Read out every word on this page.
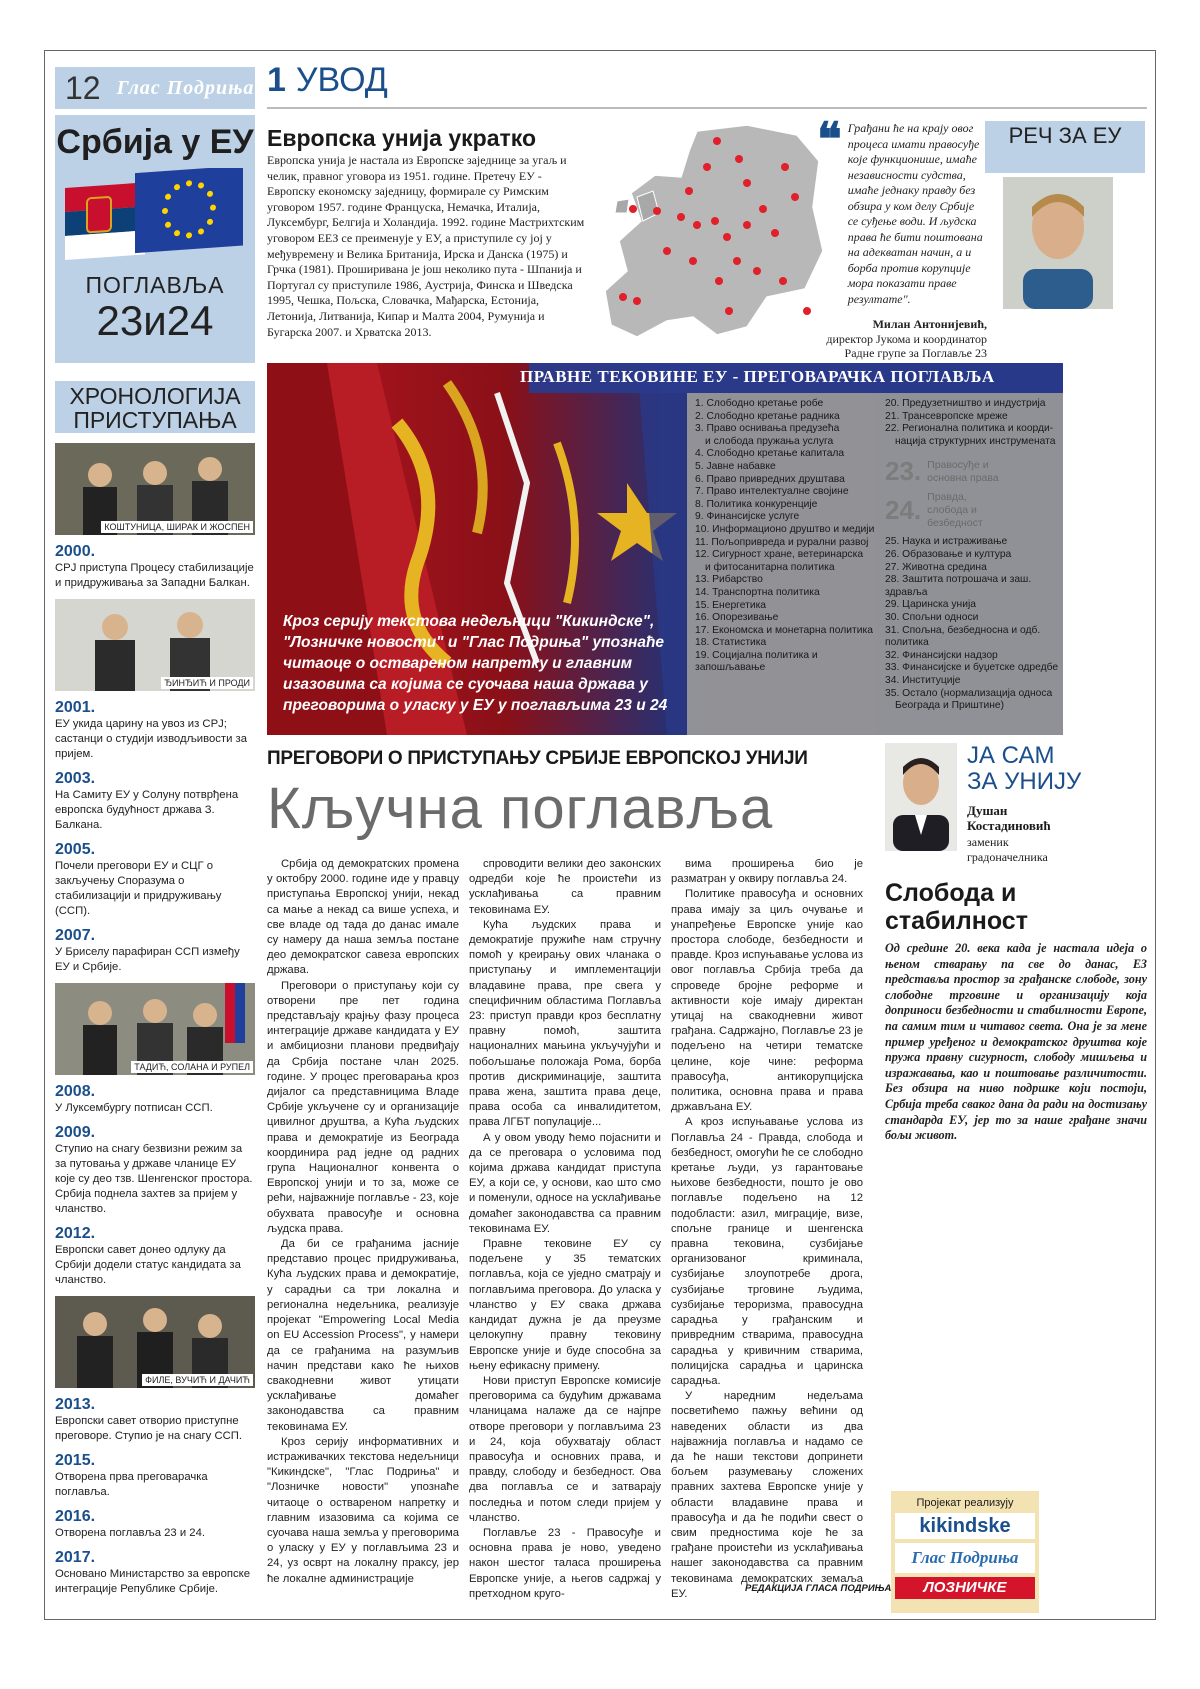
12 Глас Подриња
Србија у ЕУ
ПОГЛАВЉА
23и24
ХРОНОЛОГИЈА ПРИСТУПАЊА
КОШТУНИЦА, ШИРАК И ЖОСПЕН
2000.
СРЈ приступа Процесу стабилизације и придруживања за Западни Балкан.
ЂИНЂИЋ И ПРОДИ
2001.
ЕУ укида царину на увоз из СРЈ; састанци о студији изводљивости за пријем.
2003.
На Самиту ЕУ у Солуну потврђена европска будућност држава З. Балкана.
2005.
Почели преговори ЕУ и СЦГ о закључењу Споразума о стабилизацији и придруживању (ССП).
2007.
У Бриселу парафиран ССП између ЕУ и Србије.
ТАДИЋ, СОЛАНА И РУПЕЛ
2008.
У Луксембургу потписан ССП.
2009.
Ступио на снагу безвизни режим за за путовања у државе чланице ЕУ које су део тзв. Шенгенског простора. Србија поднела захтев за пријем у чланство.
2012.
Европски савет донео одлуку да Србији додели статус кандидата за чланство.
ФИЛЕ, ВУЧИЋ И ДАЧИЋ
2013.
Европски савет отворио приступне преговоре. Ступио је на снагу ССП.
2015.
Отворена прва преговарачка поглавља.
2016.
Отворена поглавља 23 и 24.
2017.
Основано Министарство за европске интеграције Републике Србије.
1 УВОД
Европска унија укратко
Европска унија је настала из Европске заједнице за угаљ и челик, правног уговора из 1951. године. Претечу ЕУ - Европску економску заједницу, формирале су Римским уговором 1957. године Француска, Немачка, Италија, Луксембург, Белгија и Холандија. 1992. године Мастрихтским уговором ЕЕЗ се преименује у ЕУ, а приступиле су јој у међувремену и Велика Британија, Ирска и Данска (1975) и Грчка (1981). Проширивана је још неколико пута - Шпанија и Португал су приступиле 1986, Аустрија, Финска и Шведска 1995, Чешка, Пољска, Словачка, Мађарска, Естонија, Летонија, Литванија, Кипар и Малта 2004, Румунија и Бугарска 2007. и Хрватска 2013.
❝ Грађани ће на крају овог процеса имати правосуђе које функционише, имаће независности судства, имаће једнаку правду без обзира у ком делу Србије се суђење води. И људска права ће бити поштована на адекватан начин, а и борба против корупције мора показати праве резултате".
Милан Антонијевић,
директор Јукома и координатор Радне групе за Поглавље 23
РЕЧ ЗА ЕУ
ПРАВНЕ ТЕКОВИНЕ ЕУ - ПРЕГОВАРАЧКА ПОГЛАВЉА
1. Слободно кретање робе
2. Слободно кретање радника
3. Право оснивања предузећа
и слобода пружања услуга
4. Слободно кретање капитала
5. Јавне набавке
6. Право привредних друштава
7. Право интелектуалне својине
8. Политика конкуренције
9. Финансијске услуге
10. Информационо друштво и медији
11. Пољопривреда и рурални развој
12. Сигурност хране, ветеринарска
и фитосанитарна политика
13. Рибарство
14. Транспортна политика
15. Енергетика
16. Опорезивање
17. Економска и монетарна политика
18. Статистика
19. Социјална политика и запошљавање
20. Предузетништво и индустрија
21. Трансевропске мреже
22. Регионална политика и коорди-
нација структурних инструмената
23. Правосуђе и основна права
24. Правда, слобода и безбедност
25. Наука и истраживање
26. Образовање и култура
27. Животна средина
28. Заштита потрошача и заш. здравља
29. Царинска унија
30. Спољни односи
31. Спољна, безбедносна и одб. политика
32. Финансијски надзор
33. Финансијске и буџетске одредбе
34. Институције
35. Остало (нормализација односа
Београда и Приштине)
Кроз серију текстова недељници "Кикиндске", "Лозничке новости" и "Глас Подриња" упознаће читаоце о оствареном напретку и главним изазовима са којима се суочава наша држава у преговорима о уласку у ЕУ у поглављима 23 и 24
ПРЕГОВОРИ О ПРИСТУПАЊУ СРБИЈЕ ЕВРОПСКОЈ УНИЈИ
Кључна поглавља

Србија од демократских промена у октобру 2000. године иде у правцу приступања Европској унији, некад са мање а некад са више успеха, и све владе од тада до данас имале су намеру да наша земља постане део демократског савеза европских држава.

Преговори о приступању који су отворени пре пет година представљају крајњу фазу процеса интеграције државе кандидата у ЕУ и амбициозни планови предвиђају да Србија постане члан 2025. године. У процес преговарања кроз дијалог са представницима Владе Србије укључене су и организације цивилног друштва, а Кућа људских права и демократије из Београда координира рад једне од радних група Националног конвента о Европској унији и то за, може се рећи, најважније поглавље - 23, које обухвата правосуђе и основна људска права.

Да би се грађанима јасније представио процес придруживања, Кућа људских права и демократије, у сарадњи са три локална и регионална недељника, реализује пројекат "Empowering Local Media on EU Accession Process", у намери да се грађанима на разумљив начин представи како ће њихов свакодневни живот утицати усклађивање домаћег законодавства са правним тековинама ЕУ.

Кроз серију информативних и истраживачких текстова недељници "Кикиндске", "Глас Подриња" и "Лозничке новости" упознаће читаоце о оствареном напретку и главним изазовима са којима се суочава наша земља у преговорима о уласку у ЕУ у поглављима 23 и 24, уз осврт на локалну праксу, јер ће локалне администрације

спроводити велики део законских одредби које ће проистећи из усклађивања са правним тековинама ЕУ.

Кућа људских права и демократије пружиће нам стручну помоћ у креирању ових чланака о приступању и имплементацији владавине права, пре свега у специфичним областима Поглавља 23: приступ правди кроз бесплатну правну помоћ, заштита националних мањина укључујући и побољшање положаја Рома, борба против дискриминације, заштита права жена, заштита права деце, права особа са инвалидитетом, права ЛГБТ популације...

А у овом уводу ћемо појаснити и да се преговара о условима под којима држава кандидат приступа ЕУ, а који се, у основи, као што смо и поменули, односе на усклађивање домаћег законодавства са правним тековинама ЕУ.

Правне тековине ЕУ су подељене у 35 тематских поглавља, која се уједно сматрају и поглављима преговора. До уласка у чланство у ЕУ свака држава кандидат дужна је да преузме целокупну правну тековину Европске уније и буде способна за њену ефикасну примену.

Нови приступ Европске комисије преговорима са будућим државама чланицама налаже да се најпре отворе преговори у поглављима 23 и 24, која обухватају област правосуђа и основних права, и правду, слободу и безбедност. Ова два поглавља се и затварају последња и потом следи пријем у чланство.

Поглавље 23 - Правосуђе и основна права је ново, уведено након шестог таласа проширења Европске уније, а његов садржај у претходном круго-

вима проширења био је разматран у оквиру поглавља 24.

Политике правосуђа и основних права имају за циљ очување и унапређење Европске уније као простора слободе, безбедности и правде. Кроз испуњавање услова из овог поглавља Србија треба да спроведе бројне реформе и активности које имају директан утицај на свакодневни живот грађана. Садржајно, Поглавље 23 је подељено на четири тематске целине, које чине: реформа правосуђа, антикорупцијска политика, основна права и права држављана ЕУ.

А кроз испуњавање услова из Поглавља 24 - Правда, слобода и безбедност, омогући ће се слободно кретање људи, уз гарантовање њихове безбедности, пошто је ово поглавље подељено на 12 подобласти: азил, миграције, визе, спољне границе и шенгенска правна тековина, сузбијање организованог криминала, сузбијање злоупотребе дрога, сузбијање трговине људима, сузбијање тероризма, правосудна сарадња у грађанским и привредним стварима, правосудна сарадња у кривичним стварима, полицијска сарадња и царинска сарадња.

У наредним недељама посветићемо пажњу већини од наведених области из два најважнија поглавља и надамо се да ће наши текстови допринети бољем разумевању сложених правних захтева Европске уније у области владавине права и правосуђа и да ће подићи свест о свим предностима које ће за грађане проистећи из усклађивања нашег законодавства са правним тековинама демократских земаља ЕУ.	РЕДАКЦИЈА ГЛАСА ПОДРИЊА
ЈА САМ
ЗА УНИЈУ
Душан
Костадиновић
заменик
градоначелника
Слобода и стабилност
Од средине 20. века када је настала идеја о њеном стварању па све до данас, ЕЗ представља простор за грађанске слободе, зону слободне трговине и организацију која доприноси безбедности и стабилности Европе, па самим тим и читавог света. Она је за мене пример уређеног и демократског друштва које пружа правну сигурност, слободу мишљења и изражавања, као и поштовање различитости. Без обзира на ниво подршке који постоји, Србија треба сваког дана да ради на достизању стандарда ЕУ, јер то за наше грађане значи бољи живот.
Пројекат реализују
kikindske
Глас Подриња
ЛОЗНИЧКЕ
